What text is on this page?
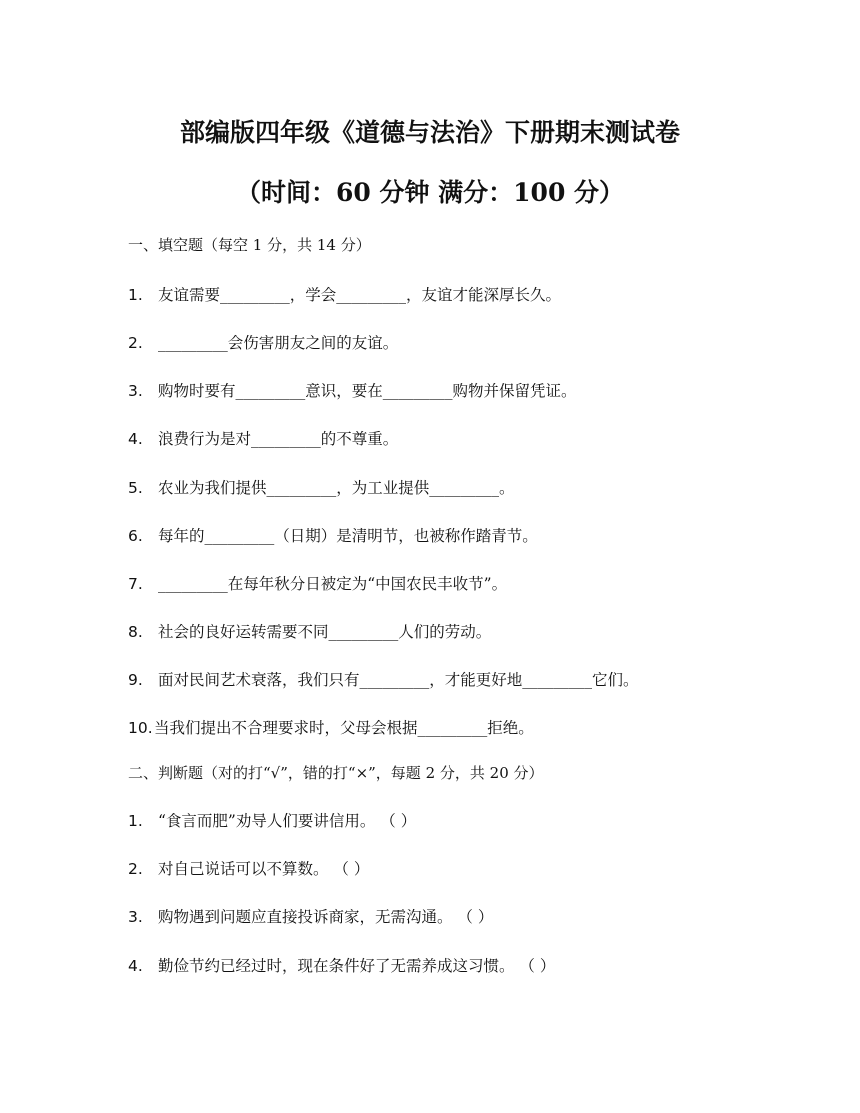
部编版四年级《道德与法治》下册期末测试卷
（时间：60 分钟 满分：100 分）

一、填空题（每空 1 分，共 14 分）

1. 友谊需要_________，学会_________，友谊才能深厚长久。
2. _________会伤害朋友之间的友谊。
3. 购物时要有_________意识，要在_________购物并保留凭证。
4. 浪费行为是对_________的不尊重。
5. 农业为我们提供_________，为工业提供_________。
6. 每年的_________（日期）是清明节，也被称作踏青节。
7. _________在每年秋分日被定为“中国农民丰收节”。
8. 社会的良好运转需要不同_________人们的劳动。
9. 面对民间艺术衰落，我们只有_________，才能更好地_________它们。
10. 当我们提出不合理要求时，父母会根据_________拒绝。

二、判断题（对的打“√”，错的打“×”，每题 2 分，共 20 分）

1. “食言而肥”劝导人们要讲信用。 （ ）
2. 对自己说话可以不算数。 （ ）
3. 购物遇到问题应直接投诉商家，无需沟通。 （ ）
4. 勤俭节约已经过时，现在条件好了无需养成这习惯。 （ ）
